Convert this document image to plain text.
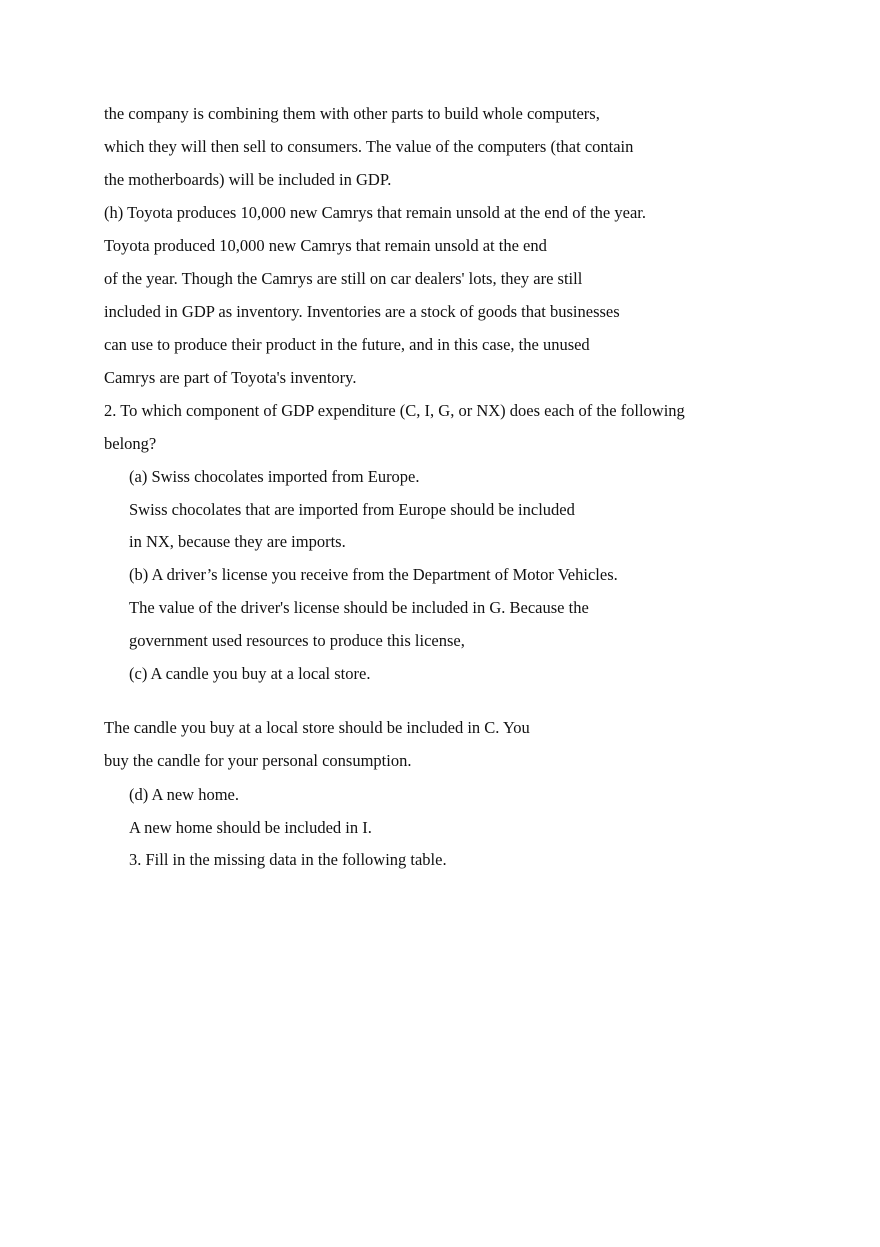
the company is combining them with other parts to build whole computers,
which they will then sell to consumers. The value of the computers (that contain
the motherboards) will be included in GDP.
(h) Toyota produces 10,000 new Camrys that remain unsold at the end of the year.
Toyota produced 10,000 new Camrys that remain unsold at the end
of the year. Though the Camrys are still on car dealers' lots, they are still
included in GDP as inventory. Inventories are a stock of goods that businesses
can use to produce their product in the future, and in this case, the unused
Camrys are part of Toyota's inventory.
2. To which component of GDP expenditure (C, I, G, or NX) does each of the following
belong?
(a) Swiss chocolates imported from Europe.
Swiss chocolates that are imported from Europe should be included
in NX, because they are imports.
(b) A driver’s license you receive from the Department of Motor Vehicles.
The value of the driver's license should be included in G. Because the
government used resources to produce this license,
(c) A candle you buy at a local store.
The candle you buy at a local store should be included in C. You
buy the candle for your personal consumption.
(d) A new home.
A new home should be included in I.
3. Fill in the missing data in the following table.
